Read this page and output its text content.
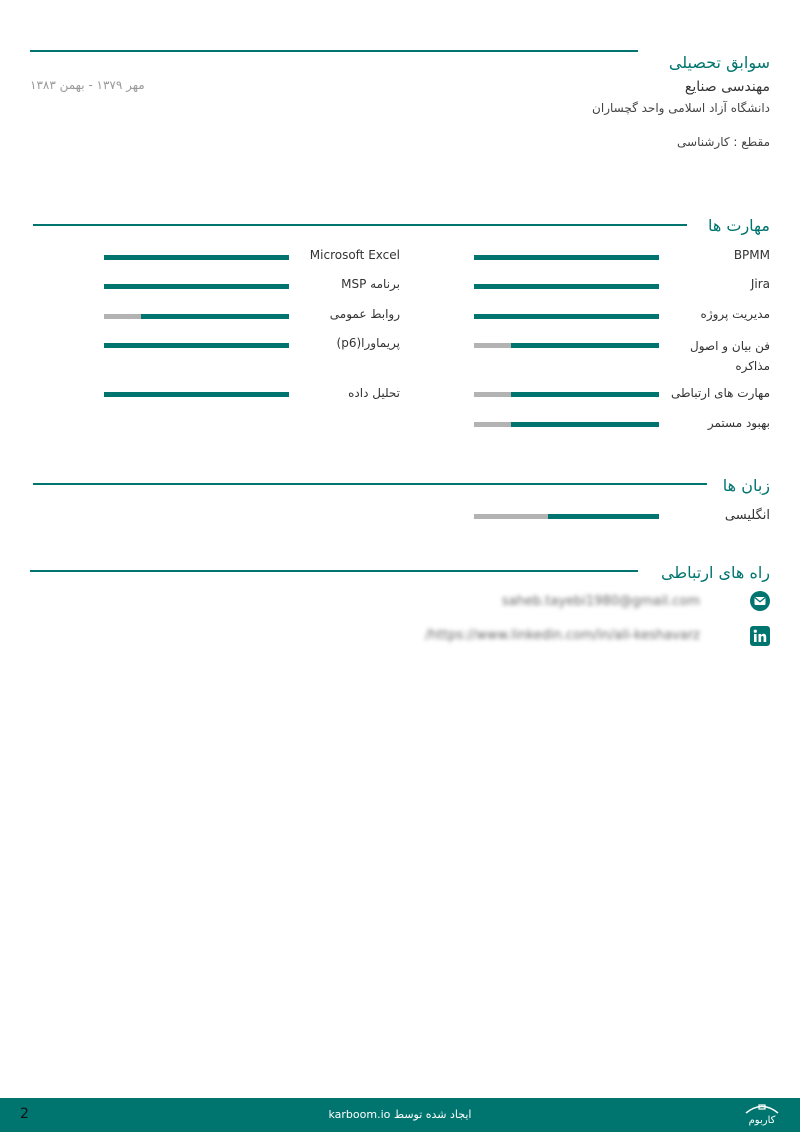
سوابق تحصیلی
مهندسی صنایع
دانشگاه آزاد اسلامی واحد گچساران
مقطع : کارشناسی
مهر ۱۳۷۹ - بهمن ۱۳۸۳
مهارت ها
BPMM
Jira
مدیریت پروژه
فن بیان و اصول مذاکره
مهارت های ارتباطی
بهبود مستمر
Microsoft Excel
برنامه MSP
روابط عمومی
پریماورا(p6)
تحلیل داده
زبان ها
انگلیسی
راه های ارتباطی
saheb.tayebi1980@gmail.com
/https://www.linkedin.com/in/ali-keshavarz
2	ایجاد شده توسط karboom.io	کاربوم
